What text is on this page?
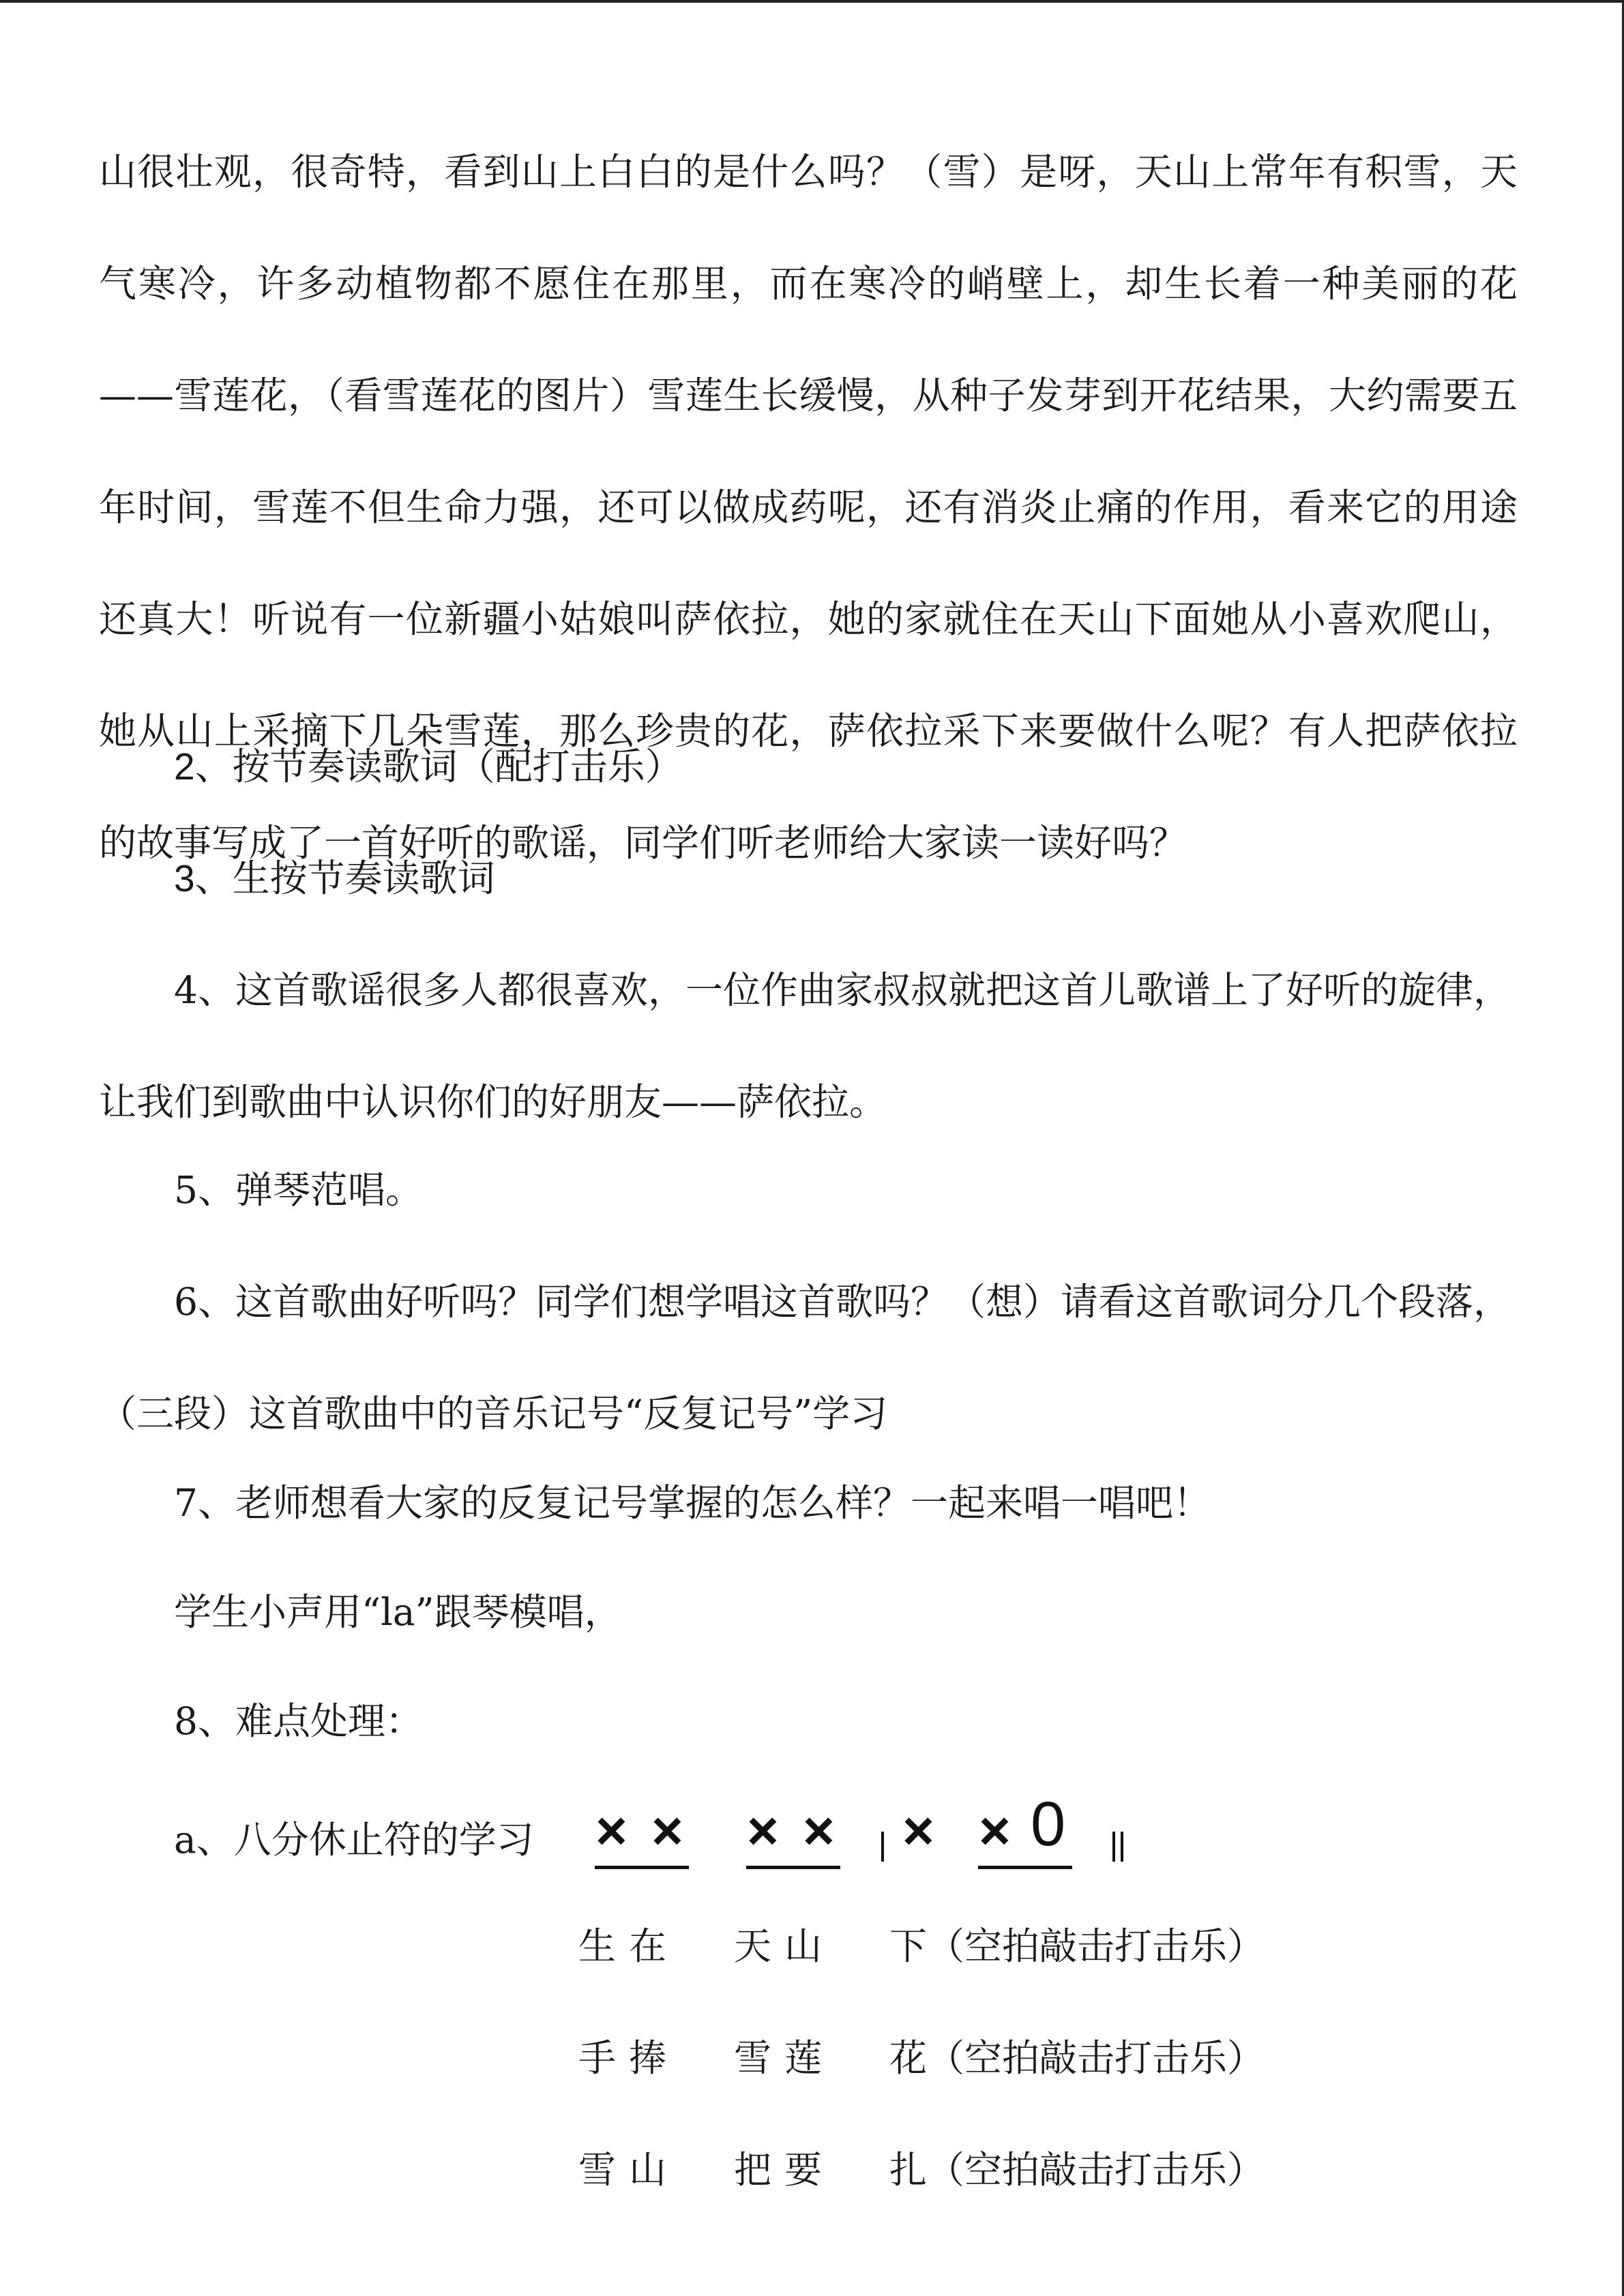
山很壮观，很奇特，看到山上白白的是什么吗？（雪）是呀，天山上常年有积雪，天气寒冷，许多动植物都不愿住在那里，而在寒冷的峭壁上，却生长着一种美丽的花——雪莲花，（看雪莲花的图片）雪莲生长缓慢，从种子发芽到开花结果，大约需要五年时间，雪莲不但生命力强，还可以做成药呢，还有消炎止痛的作用，看来它的用途还真大！听说有一位新疆小姑娘叫萨依拉，她的家就住在天山下面她从小喜欢爬山，她从山上采摘下几朵雪莲，那么珍贵的花，萨依拉采下来要做什么呢？有人把萨依拉的故事写成了一首好听的歌谣，同学们听老师给大家读一读好吗？

2、按节奏读歌词（配打击乐）

3、生按节奏读歌词

4、这首歌谣很多人都很喜欢，一位作曲家叔叔就把这首儿歌谱上了好听的旋律，让我们到歌曲中认识你们的好朋友——萨依拉。

5、弹琴范唱。

6、这首歌曲好听吗？同学们想学唱这首歌吗？（想）请看这首歌词分几个段落，（三段）这首歌曲中的音乐记号“反复记号”学习

7、老师想看大家的反复记号掌握的怎么样？一起来唱一唱吧！

学生小声用“la”跟琴模唱，

8、难点处理：

a、八分休止符的学习 × × × × × × 0
生 在 天 山 下（空拍敲击打击乐）
手 捧 雪 莲 花（空拍敲击打击乐）
雪 山 把 要 扎（空拍敲击打击乐）
